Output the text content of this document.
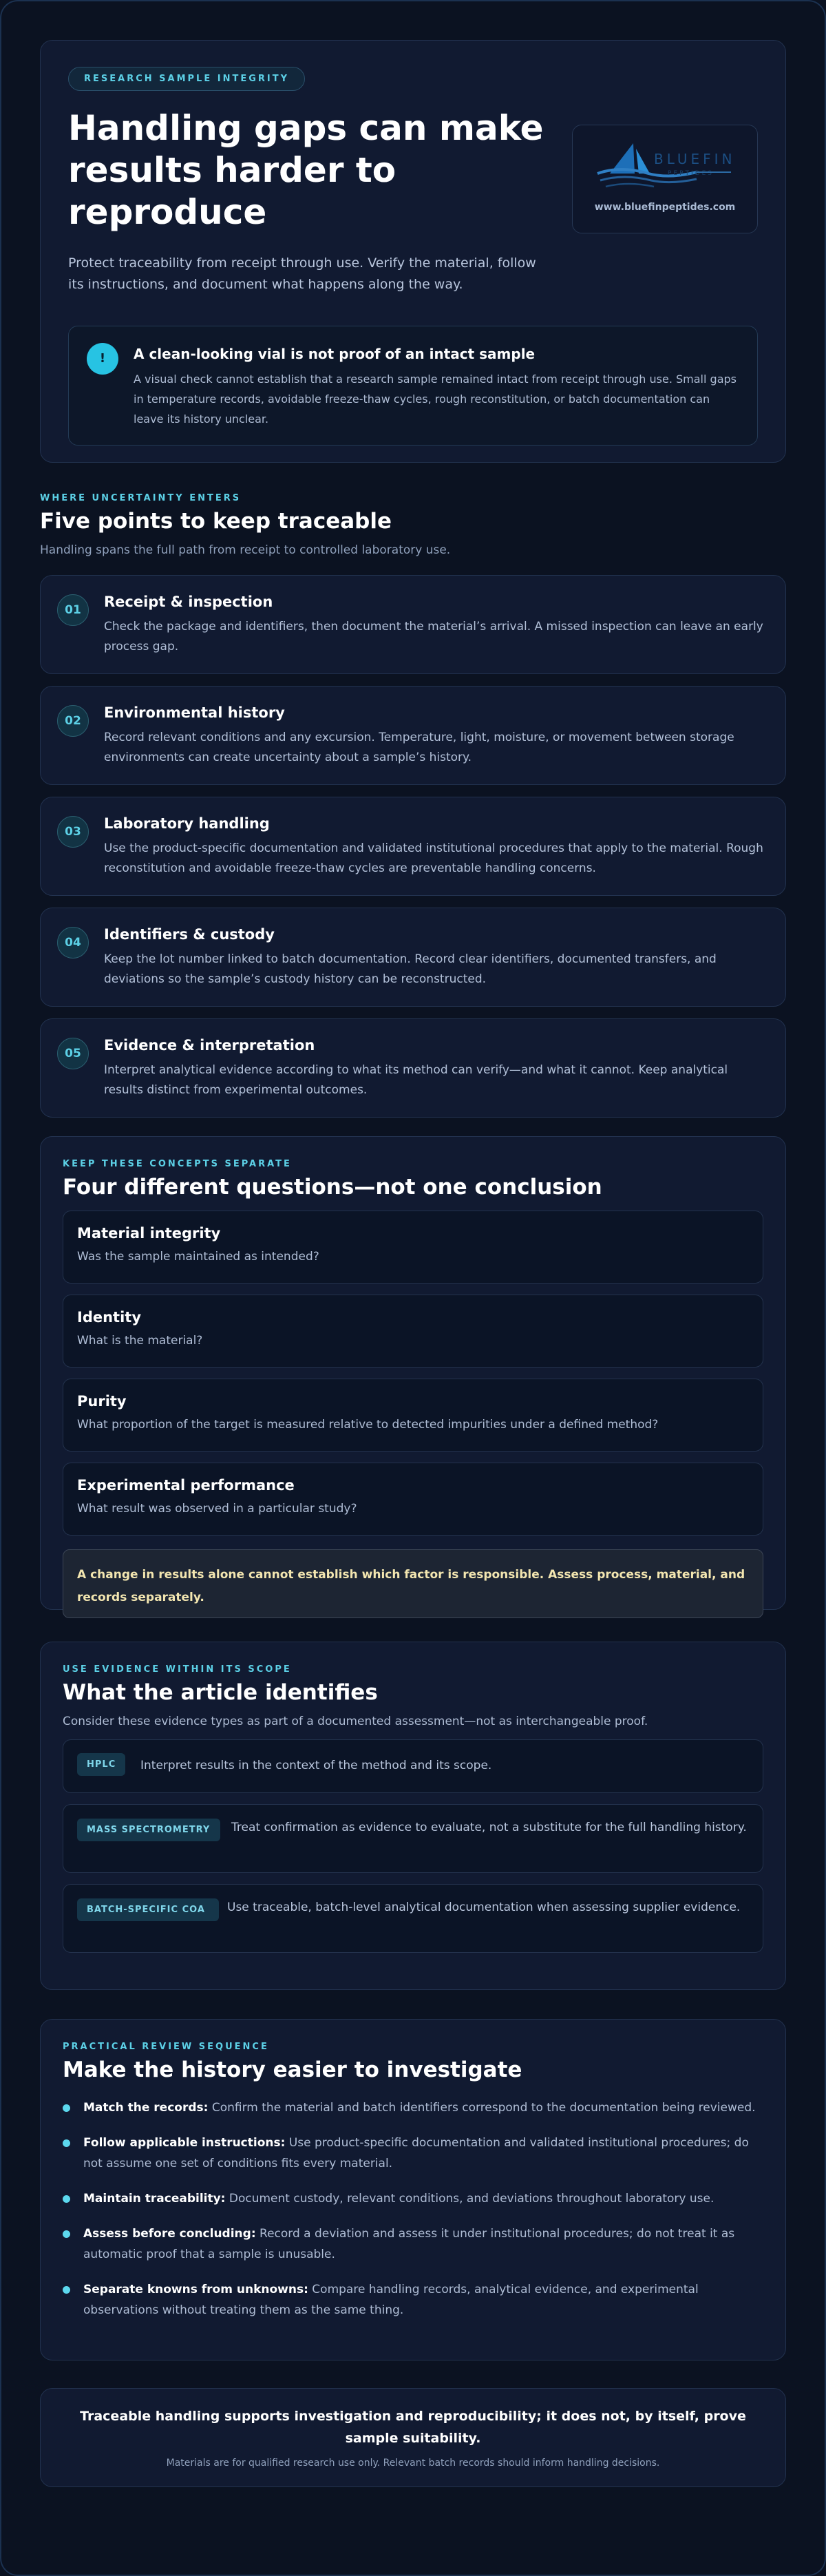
RESEARCH SAMPLE INTEGRITY
Handling gaps can make results harder to reproduce

Protect traceability from receipt through use. Verify the material, follow its instructions, and document what happens along the way.

BLUEFIN
PEPTIDES
www.bluefinpeptides.com
!	A clean-looking vial is not proof of an intact sample

A visual check cannot establish that a research sample remained intact from receipt through use. Small gaps in temperature records, avoidable freeze-thaw cycles, rough reconstitution, or batch documentation can leave its history unclear.

WHERE UNCERTAINTY ENTERS
Five points to keep traceable

Handling spans the full path from receipt to controlled laboratory use.

01	Receipt & inspection

Check the package and identifiers, then document the material’s arrival. A missed inspection can leave an early process gap.

02	Environmental history

Record relevant conditions and any excursion. Temperature, light, moisture, or movement between storage environments can create uncertainty about a sample’s history.

03	Laboratory handling

Use the product-specific documentation and validated institutional procedures that apply to the material. Rough reconstitution and avoidable freeze-thaw cycles are preventable handling concerns.

04	Identifiers & custody

Keep the lot number linked to batch documentation. Record clear identifiers, documented transfers, and deviations so the sample’s custody history can be reconstructed.

05	Evidence & interpretation

Interpret analytical evidence according to what its method can verify—and what it cannot. Keep analytical results distinct from experimental outcomes.

KEEP THESE CONCEPTS SEPARATE
Four different questions—not one conclusion
Material integrity

Was the sample maintained as intended?

Identity

What is the material?

Purity

What proportion of the target is measured relative to detected impurities under a defined method?

Experimental performance

What result was observed in a particular study?

A change in results alone cannot establish which factor is responsible. Assess process, material, and records separately.
USE EVIDENCE WITHIN ITS SCOPE
What the article identifies

Consider these evidence types as part of a documented assessment—not as interchangeable proof.

HPLC	Interpret results in the context of the method and its scope.
MASS SPECTROMETRY	Treat confirmation as evidence to evaluate, not a substitute for the full handling history.
BATCH-SPECIFIC COA	Use traceable, batch-level analytical documentation when assessing supplier evidence.
PRACTICAL REVIEW SEQUENCE
Make the history easier to investigate
Match the records: Confirm the material and batch identifiers correspond to the documentation being reviewed.
Follow applicable instructions: Use product-specific documentation and validated institutional procedures; do not assume one set of conditions fits every material.
Maintain traceability: Document custody, relevant conditions, and deviations throughout laboratory use.
Assess before concluding: Record a deviation and assess it under institutional procedures; do not treat it as automatic proof that a sample is unusable.
Separate knowns from unknowns: Compare handling records, analytical evidence, and experimental observations without treating them as the same thing.
Traceable handling supports investigation and reproducibility; it does not, by itself, prove sample suitability.
Materials are for qualified research use only. Relevant batch records should inform handling decisions.
